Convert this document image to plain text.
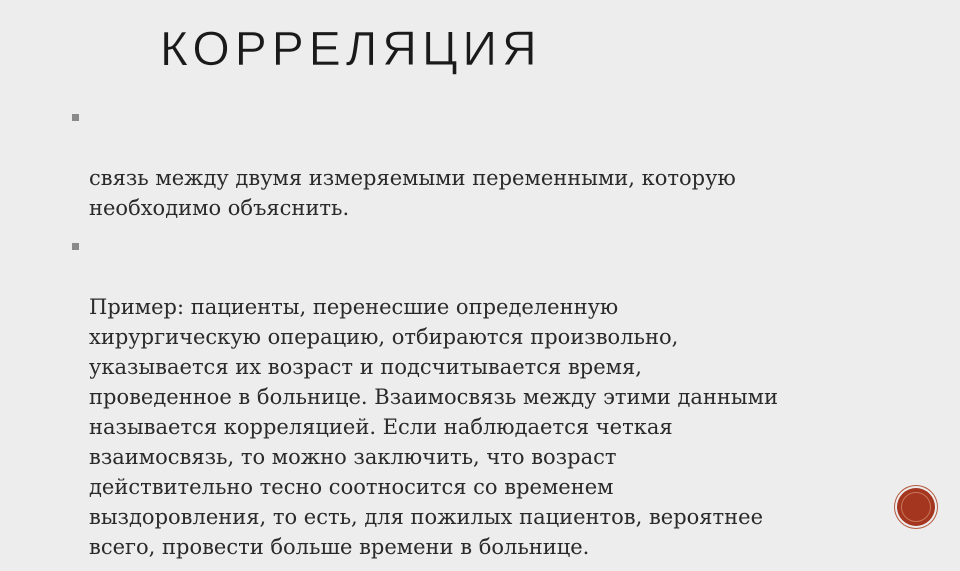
КОРРЕЛЯЦИЯ

связь между двумя измеряемыми переменными, которую
необходимо объяснить.

Пример: пациенты, перенесшие определенную
хирургическую операцию, отбираются произвольно,
указывается их возраст и подсчитывается время,
проведенное в больнице. Взаимосвязь между этими данными
называется корреляцией. Если наблюдается четкая
взаимосвязь, то можно заключить, что возраст
действительно тесно соотносится со временем
выздоровления, то есть, для пожилых пациентов, вероятнее
всего, провести больше времени в больнице.
